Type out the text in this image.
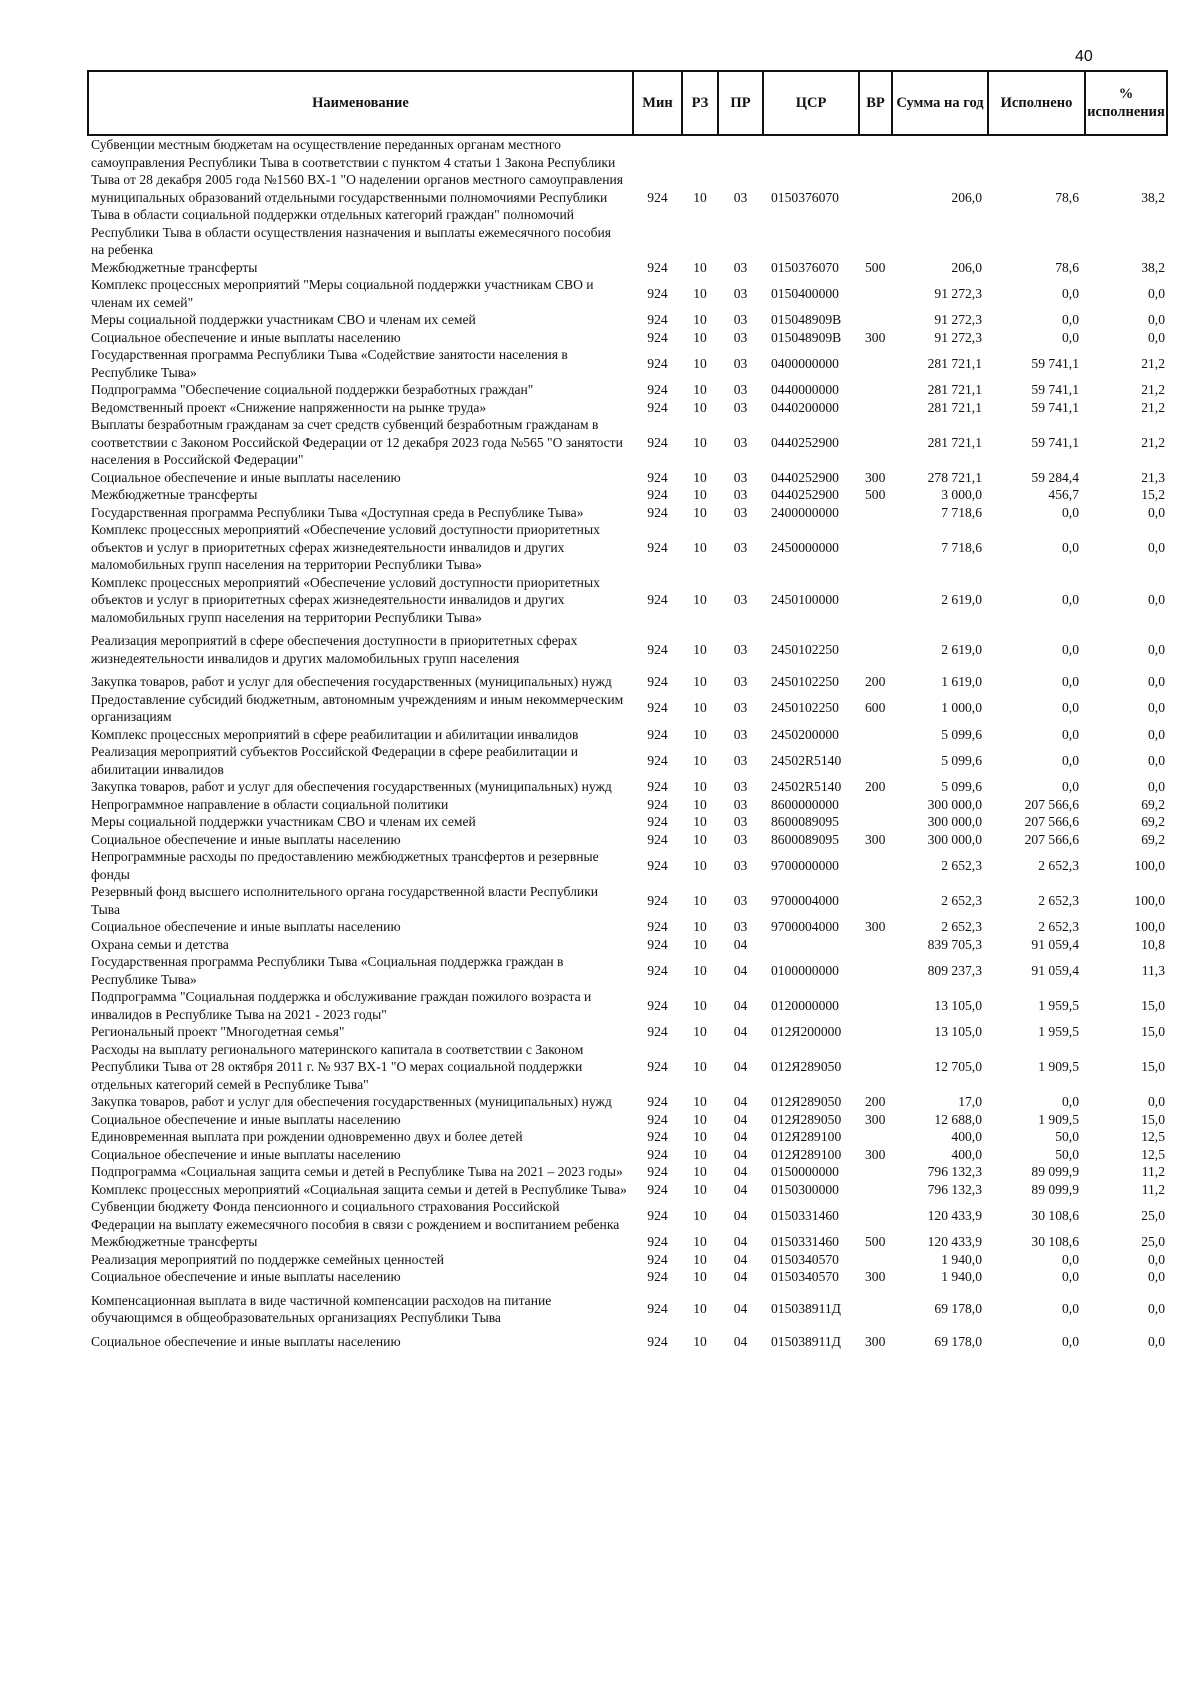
40
Наименование	Мин	РЗ	ПР	ЦСР	ВР	Сумма на год	Исполнено	% исполнения
Субвенции местным бюджетам на осуществление переданных органам местного самоуправления Республики Тыва в соответствии с пунктом 4 статьи 1 Закона Республики Тыва от 28 декабря 2005 года №1560 ВХ-1 "О наделении органов местного самоуправления муниципальных образований отдельными государственными полномочиями Республики Тыва в области социальной поддержки отдельных категорий граждан" полномочий Республики Тыва в области осуществления назначения и выплаты ежемесячного пособия на ребенка	924	10	03	0150376070		206,0	78,6	38,2
Межбюджетные трансферты	924	10	03	0150376070	500	206,0	78,6	38,2
Комплекс процессных мероприятий "Меры социальной поддержки участникам СВО и членам их семей"	924	10	03	0150400000		91 272,3	0,0	0,0
Меры социальной поддержки участникам СВО и членам их семей	924	10	03	015048909В		91 272,3	0,0	0,0
Социальное обеспечение и иные выплаты населению	924	10	03	015048909В	300	91 272,3	0,0	0,0
Государственная программа Республики Тыва «Содействие занятости населения в Республике Тыва»	924	10	03	0400000000		281 721,1	59 741,1	21,2
Подпрограмма "Обеспечение социальной поддержки безработных граждан"	924	10	03	0440000000		281 721,1	59 741,1	21,2
Ведомственный проект «Снижение напряженности на рынке труда»	924	10	03	0440200000		281 721,1	59 741,1	21,2
Выплаты безработным гражданам за счет средств субвенций безработным гражданам в соответствии с Законом Российской Федерации от 12 декабря 2023 года №565 "О занятости населения в Российской Федерации"	924	10	03	0440252900		281 721,1	59 741,1	21,2
Социальное обеспечение и иные выплаты населению	924	10	03	0440252900	300	278 721,1	59 284,4	21,3
Межбюджетные трансферты	924	10	03	0440252900	500	3 000,0	456,7	15,2
Государственная программа Республики Тыва «Доступная среда в Республике Тыва»	924	10	03	2400000000		7 718,6	0,0	0,0
Комплекс процессных мероприятий «Обеспечение условий доступности приоритетных объектов и услуг в приоритетных сферах жизнедеятельности инвалидов и других маломобильных групп населения на территории Республики Тыва»	924	10	03	2450000000		7 718,6	0,0	0,0
Комплекс процессных мероприятий «Обеспечение условий доступности приоритетных объектов и услуг в приоритетных сферах жизнедеятельности инвалидов и других маломобильных групп населения на территории Республики Тыва»	924	10	03	2450100000		2 619,0	0,0	0,0
Реализация мероприятий в сфере обеспечения доступности в приоритетных сферах жизнедеятельности инвалидов и других маломобильных групп населения	924	10	03	2450102250		2 619,0	0,0	0,0
Закупка товаров, работ и услуг для обеспечения государственных (муниципальных) нужд	924	10	03	2450102250	200	1 619,0	0,0	0,0
Предоставление субсидий бюджетным, автономным учреждениям и иным некоммерческим организациям	924	10	03	2450102250	600	1 000,0	0,0	0,0
Комплекс процессных мероприятий в сфере реабилитации и абилитации инвалидов	924	10	03	2450200000		5 099,6	0,0	0,0
Реализация мероприятий субъектов Российской Федерации в сфере реабилитации и абилитации инвалидов	924	10	03	24502R5140		5 099,6	0,0	0,0
Закупка товаров, работ и услуг для обеспечения государственных (муниципальных) нужд	924	10	03	24502R5140	200	5 099,6	0,0	0,0
Непрограммное направление в области социальной политики	924	10	03	8600000000		300 000,0	207 566,6	69,2
Меры социальной поддержки участникам СВО и членам их семей	924	10	03	8600089095		300 000,0	207 566,6	69,2
Социальное обеспечение и иные выплаты населению	924	10	03	8600089095	300	300 000,0	207 566,6	69,2
Непрограммные расходы по предоставлению межбюджетных трансфертов и резервные фонды	924	10	03	9700000000		2 652,3	2 652,3	100,0
Резервный фонд высшего исполнительного органа государственной власти Республики Тыва	924	10	03	9700004000		2 652,3	2 652,3	100,0
Социальное обеспечение и иные выплаты населению	924	10	03	9700004000	300	2 652,3	2 652,3	100,0
Охрана семьи и детства	924	10	04			839 705,3	91 059,4	10,8
Государственная программа Республики Тыва «Социальная поддержка граждан в Республике Тыва»	924	10	04	0100000000		809 237,3	91 059,4	11,3
Подпрограмма "Социальная поддержка и обслуживание граждан пожилого возраста и инвалидов в Республике Тыва на 2021 - 2023 годы"	924	10	04	0120000000		13 105,0	1 959,5	15,0
Региональный проект "Многодетная семья"	924	10	04	012Я200000		13 105,0	1 959,5	15,0
Расходы на выплату регионального материнского капитала в соответствии с Законом Республики Тыва от 28 октября 2011 г. № 937 ВХ-1 "О мерах социальной поддержки отдельных категорий семей в Республике Тыва"	924	10	04	012Я289050		12 705,0	1 909,5	15,0
Закупка товаров, работ и услуг для обеспечения государственных (муниципальных) нужд	924	10	04	012Я289050	200	17,0	0,0	0,0
Социальное обеспечение и иные выплаты населению	924	10	04	012Я289050	300	12 688,0	1 909,5	15,0
Единовременная выплата при рождении одновременно двух и более детей	924	10	04	012Я289100		400,0	50,0	12,5
Социальное обеспечение и иные выплаты населению	924	10	04	012Я289100	300	400,0	50,0	12,5
Подпрограмма «Социальная защита семьи и детей в Республике Тыва на 2021 – 2023 годы»	924	10	04	0150000000		796 132,3	89 099,9	11,2
Комплекс процессных мероприятий «Социальная защита семьи и детей в Республике Тыва»	924	10	04	0150300000		796 132,3	89 099,9	11,2
Субвенции бюджету Фонда пенсионного и социального страхования Российской Федерации на выплату ежемесячного пособия в связи с рождением и воспитанием ребенка	924	10	04	0150331460		120 433,9	30 108,6	25,0
Межбюджетные трансферты	924	10	04	0150331460	500	120 433,9	30 108,6	25,0
Реализация мероприятий по поддержке семейных ценностей	924	10	04	0150340570		1 940,0	0,0	0,0
Социальное обеспечение и иные выплаты населению	924	10	04	0150340570	300	1 940,0	0,0	0,0
Компенсационная выплата в виде частичной компенсации расходов на питание обучающимся в общеобразовательных организациях Республики Тыва	924	10	04	015038911Д		69 178,0	0,0	0,0
Социальное обеспечение и иные выплаты населению	924	10	04	015038911Д	300	69 178,0	0,0	0,0
